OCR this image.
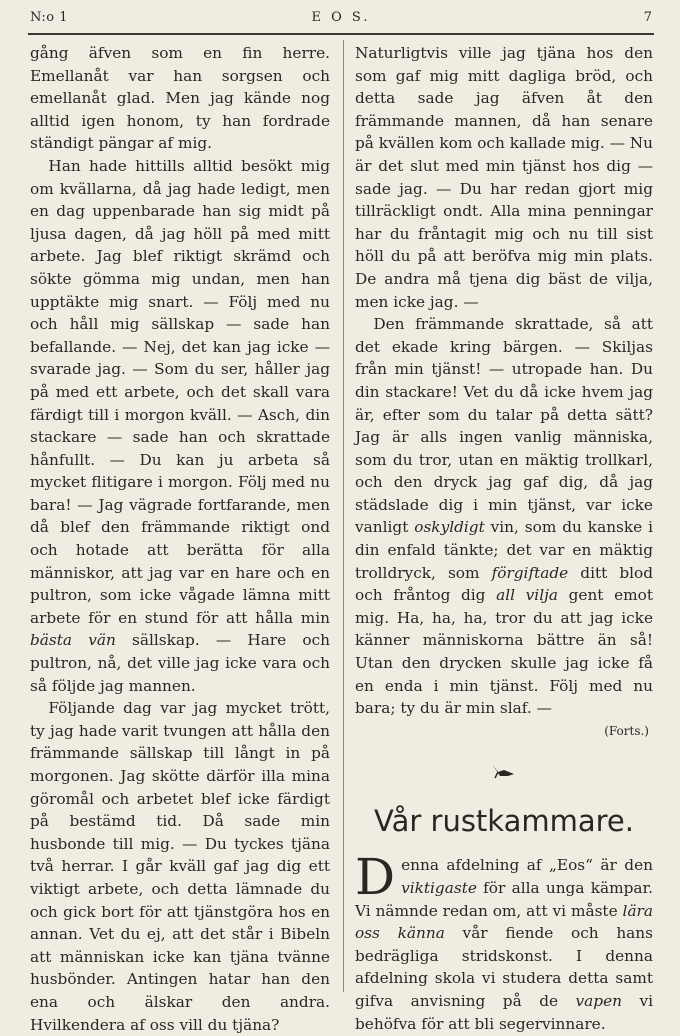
N:o 1	E O S.	7

gång äfven som en fin herre. Emellanåt var han sorgsen och emellanåt glad. Men jag kände nog alltid igen honom, ty han fordrade ständigt pängar af mig.

Han hade hittills alltid besökt mig om kvällarna, då jag hade ledigt, men en dag uppenbarade han sig midt på ljusa dagen, då jag höll på med mitt arbete. Jag blef riktigt skrämd och sökte gömma mig undan, men han upptäkte mig snart. — Följ med nu och håll mig sällskap — sade han befallande. — Nej, det kan jag icke — svarade jag. — Som du ser, håller jag på med ett arbete, och det skall vara färdigt till i morgon kväll. — Asch, din stackare — sade han och skrattade hånfullt. — Du kan ju arbeta så mycket flitigare i morgon. Följ med nu bara! — Jag vägrade fortfarande, men då blef den främmande riktigt ond och hotade att berätta för alla människor, att jag var en hare och en pultron, som icke vågade lämna mitt arbete för en stund för att hålla min bästa vän sällskap. — Hare och pultron, nå, det ville jag icke vara och så följde jag mannen.

Följande dag var jag mycket trött, ty jag hade varit tvungen att hålla den främmande sällskap till långt in på morgonen. Jag skötte därför illa mina göromål och arbetet blef icke färdigt på bestämd tid. Då sade min husbonde till mig. — Du tyckes tjäna två herrar. I går kväll gaf jag dig ett viktigt arbete, och detta lämnade du och gick bort för att tjänstgöra hos en annan. Vet du ej, att det står i Bibeln att människan icke kan tjäna tvänne husbönder. Antingen hatar han den ena och älskar den andra. Hvilkendera af oss vill du tjäna?

Naturligtvis ville jag tjäna hos den som gaf mig mitt dagliga bröd, och detta sade jag äfven åt den främmande mannen, då han senare på kvällen kom och kallade mig. — Nu är det slut med min tjänst hos dig — sade jag. — Du har redan gjort mig tillräckligt ondt. Alla mina penningar har du fråntagit mig och nu till sist höll du på att beröfva mig min plats. De andra må tjena dig bäst de vilja, men icke jag. —

Den främmande skrattade, så att det ekade kring bärgen. — Skiljas från min tjänst! — utropade han. Du din stackare! Vet du då icke hvem jag är, efter som du talar på detta sätt? Jag är alls ingen vanlig människa, som du tror, utan en mäktig trollkarl, och den dryck jag gaf dig, då jag städslade dig i min tjänst, var icke vanligt oskyldigt vin, som du kanske i din enfald tänkte; det var en mäktig trolldryck, som förgiftade ditt blod och fråntog dig all vilja gent emot mig. Ha, ha, ha, tror du att jag icke känner människorna bättre än så! Utan den drycken skulle jag icke få en enda i min tjänst. Följ med nu bara; ty du är min slaf. —

(Forts.)
Vår rustkammare.

Denna afdelning af „Eos“ är den viktigaste för alla unga kämpar. Vi nämnde redan om, att vi måste lära oss känna vår fiende och hans bedrägliga stridskonst. I denna afdelning skola vi studera detta samt gifva anvisning på de vapen vi behöfva för att bli segervinnare.
